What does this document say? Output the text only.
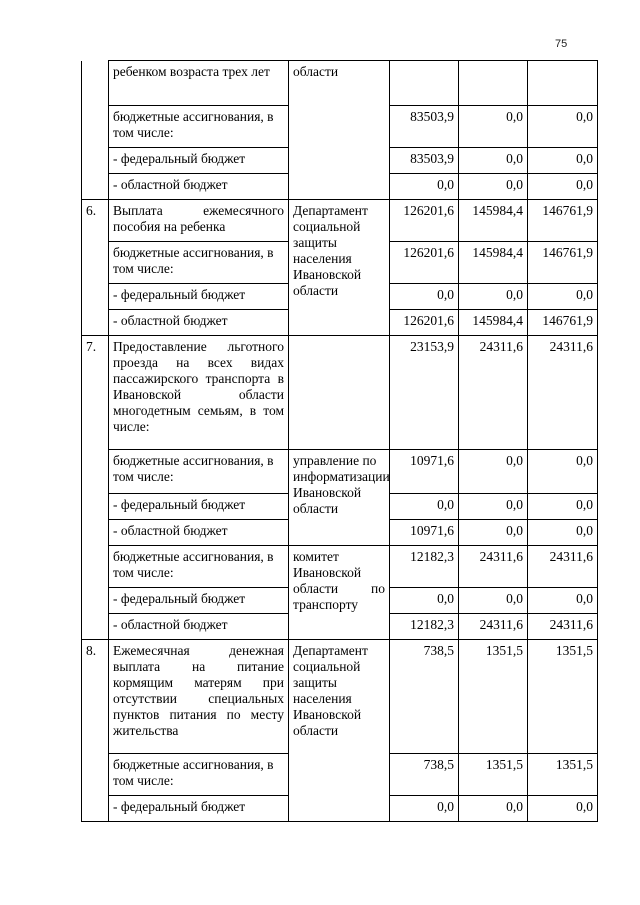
75
	ребенком возраста трех лет	области			
	бюджетные ассигнования, в том числе:		83503,9	0,0	0,0
	- федеральный бюджет		83503,9	0,0	0,0
	- областной бюджет		0,0	0,0	0,0
6.	Выплата ежемесячного пособия на ребенка	Департамент социальной защиты населения Ивановской области	126201,6	145984,4	146761,9
	бюджетные ассигнования, в том числе:		126201,6	145984,4	146761,9
	- федеральный бюджет		0,0	0,0	0,0
	- областной бюджет		126201,6	145984,4	146761,9
7.	Предоставление льготного проезда на всех видах пассажирского транспорта в Ивановской области многодетным семьям, в том числе:		23153,9	24311,6	24311,6
	бюджетные ассигнования, в том числе:	управление по информатизации Ивановской области	10971,6	0,0	0,0
	- федеральный бюджет		0,0	0,0	0,0
	- областной бюджет		10971,6	0,0	0,0
	бюджетные ассигнования, в том числе:	комитет Ивановской области по транспорту	12182,3	24311,6	24311,6
	- федеральный бюджет		0,0	0,0	0,0
	- областной бюджет		12182,3	24311,6	24311,6
8.	Ежемесячная денежная выплата на питание кормящим матерям при отсутствии специальных пунктов питания по месту жительства	Департамент социальной защиты населения Ивановской области	738,5	1351,5	1351,5
	бюджетные ассигнования, в том числе:		738,5	1351,5	1351,5
	- федеральный бюджет		0,0	0,0	0,0
